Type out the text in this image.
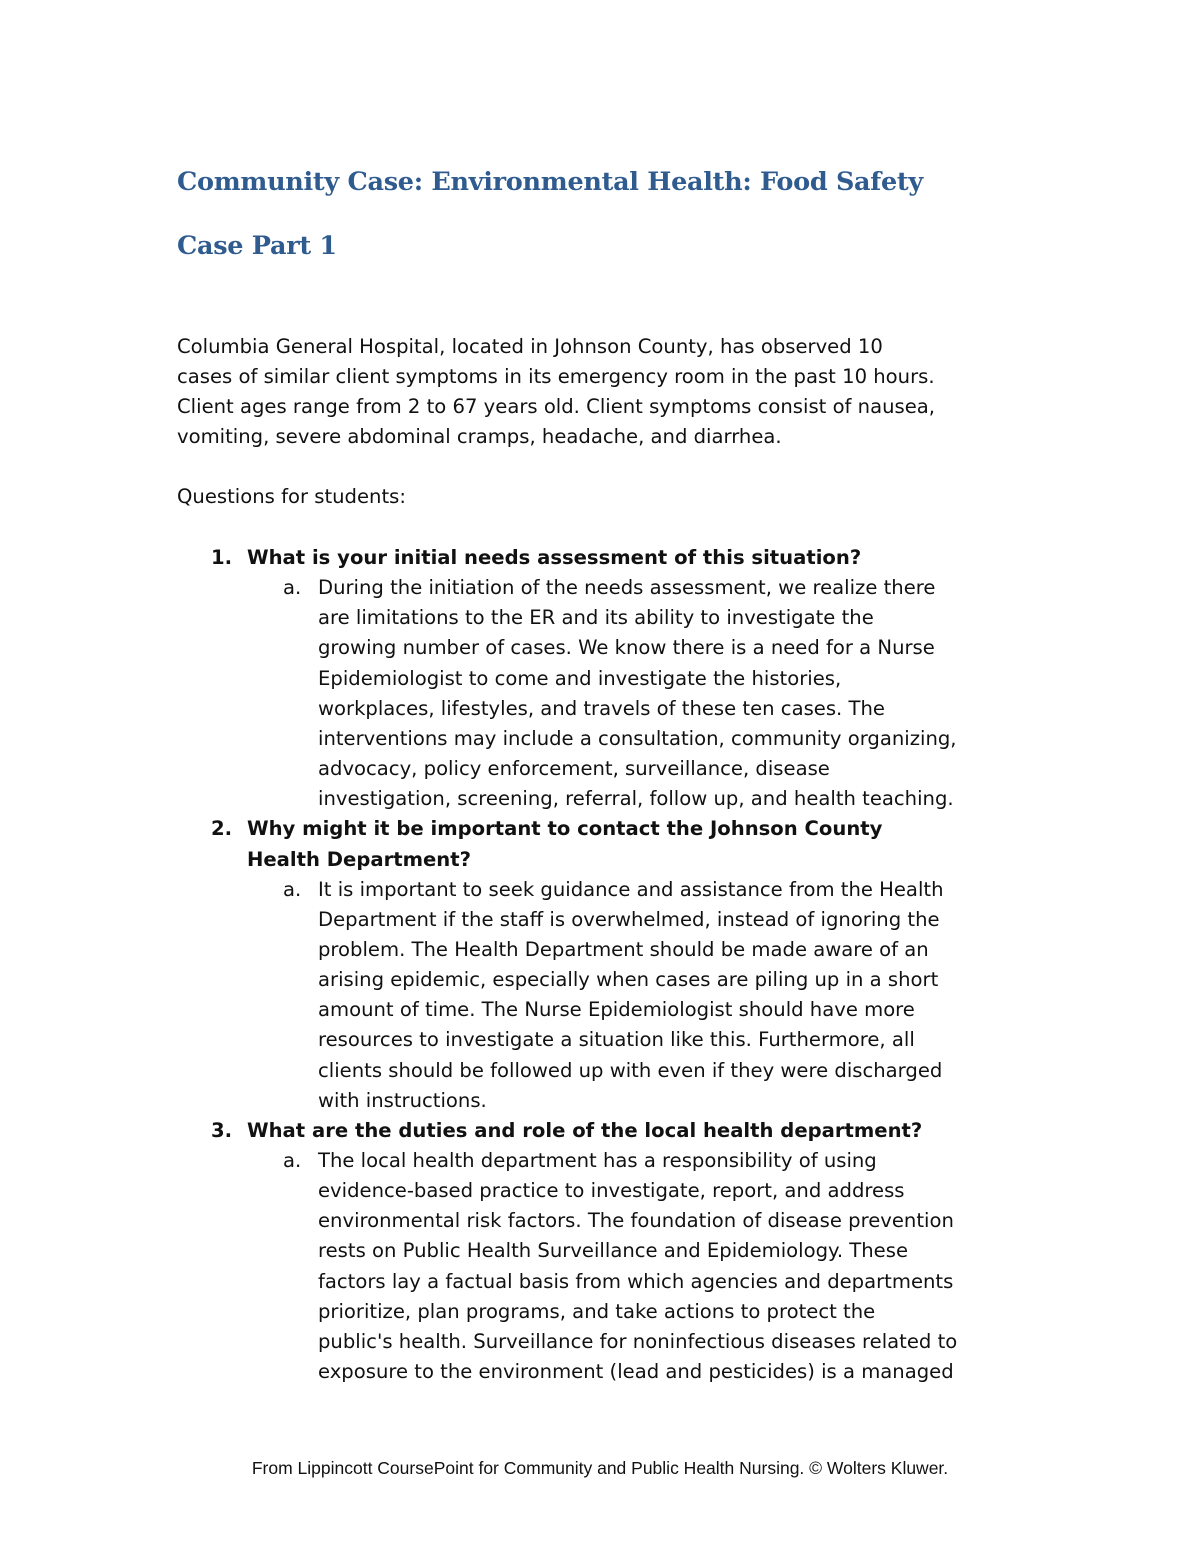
Community Case: Environmental Health: Food Safety
Case Part 1
Columbia General Hospital, located in Johnson County, has observed 10
cases of similar client symptoms in its emergency room in the past 10 hours.
Client ages range from 2 to 67 years old. Client symptoms consist of nausea,
vomiting, severe abdominal cramps, headache, and diarrhea.
Questions for students:
1. What is your initial needs assessment of this situation?
a. During the initiation of the needs assessment, we realize there
are limitations to the ER and its ability to investigate the
growing number of cases. We know there is a need for a Nurse
Epidemiologist to come and investigate the histories,
workplaces, lifestyles, and travels of these ten cases. The
interventions may include a consultation, community organizing,
advocacy, policy enforcement, surveillance, disease
investigation, screening, referral, follow up, and health teaching.
2. Why might it be important to contact the Johnson County
Health Department?
a. It is important to seek guidance and assistance from the Health
Department if the staff is overwhelmed, instead of ignoring the
problem. The Health Department should be made aware of an
arising epidemic, especially when cases are piling up in a short
amount of time. The Nurse Epidemiologist should have more
resources to investigate a situation like this. Furthermore, all
clients should be followed up with even if they were discharged
with instructions.
3. What are the duties and role of the local health department?
a. The local health department has a responsibility of using
evidence-based practice to investigate, report, and address
environmental risk factors. The foundation of disease prevention
rests on Public Health Surveillance and Epidemiology. These
factors lay a factual basis from which agencies and departments
prioritize, plan programs, and take actions to protect the
public's health. Surveillance for noninfectious diseases related to
exposure to the environment (lead and pesticides) is a managed
From Lippincott CoursePoint for Community and Public Health Nursing. © Wolters Kluwer.
